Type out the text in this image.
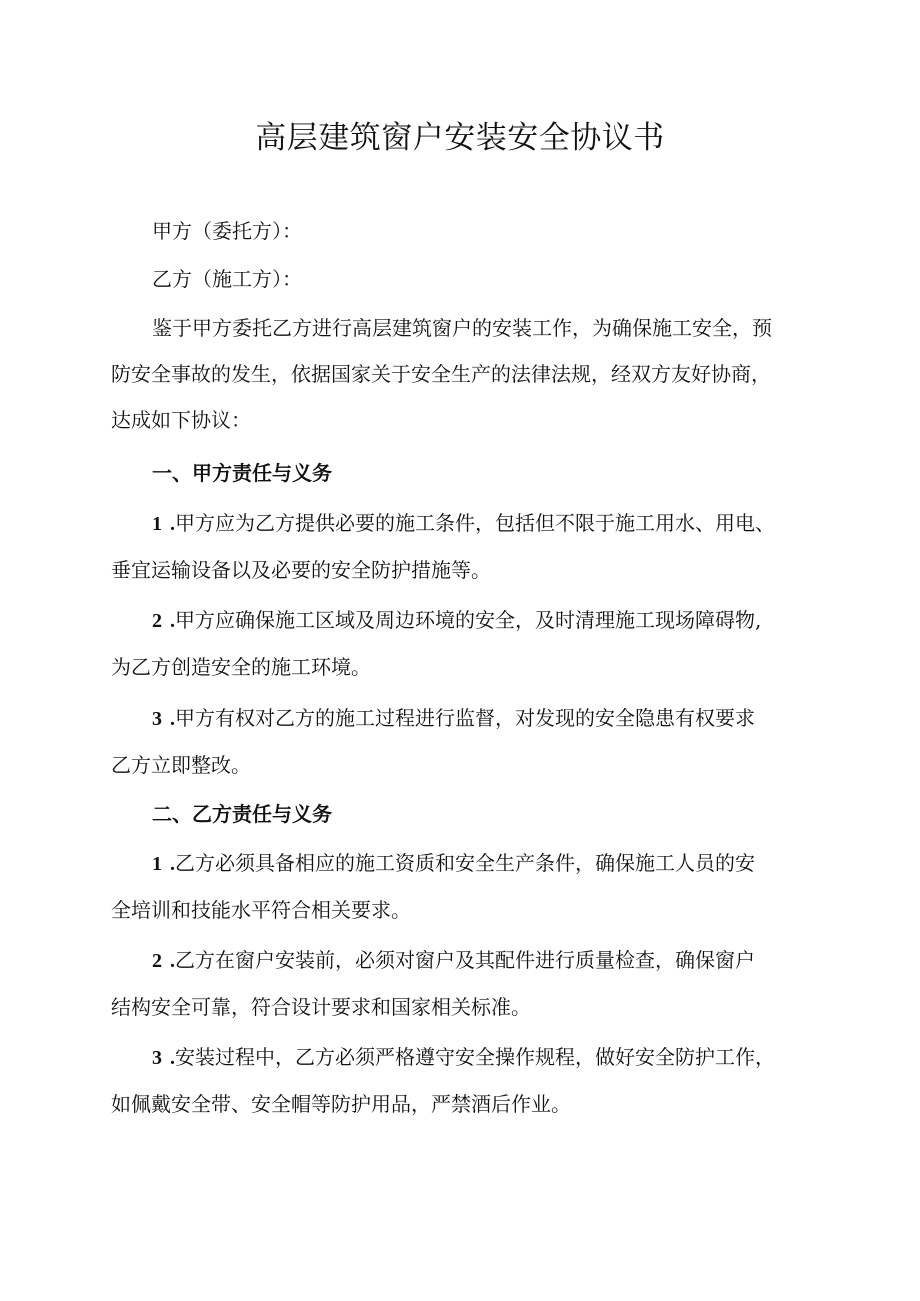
高层建筑窗户安装安全协议书

甲方（委托方）：

乙方（施工方）：

鉴于甲方委托乙方进行高层建筑窗户的安装工作，为确保施工安全，预
防安全事故的发生，依据国家关于安全生产的法律法规，经双方友好协商，
达成如下协议：
一、甲方责任与义务
1 .甲方应为乙方提供必要的施工条件，包括但不限于施工用水、用电、
垂宜运输设备以及必要的安全防护措施等。
2 .甲方应确保施工区域及周边环境的安全，及时清理施工现场障碍物,
为乙方创造安全的施工环境。
3 .甲方有权对乙方的施工过程进行监督，对发现的安全隐患有权要求
乙方立即整改。
二、乙方责任与义务
1 .乙方必须具备相应的施工资质和安全生产条件，确保施工人员的安
全培训和技能水平符合相关要求。
2 .乙方在窗户安装前，必须对窗户及其配件进行质量检查，确保窗户
结构安全可靠，符合设计要求和国家相关标准。
3 .安装过程中，乙方必须严格遵守安全操作规程，做好安全防护工作，
如佩戴安全带、安全帽等防护用品，严禁酒后作业。
